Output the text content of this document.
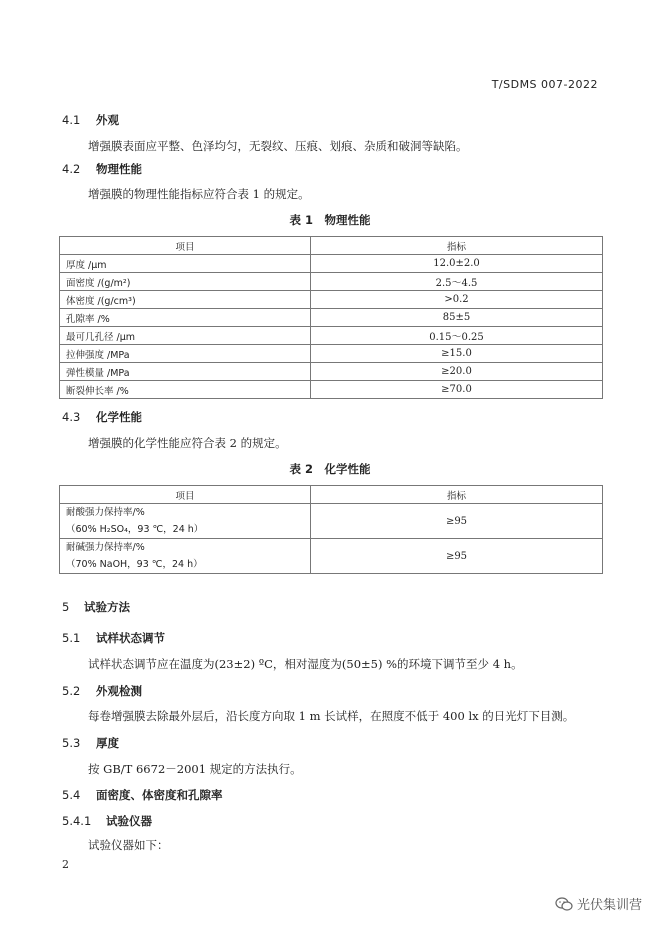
T/SDMS 007-2022
4.1 外观
增强膜表面应平整、色泽均匀，无裂纹、压痕、划痕、杂质和破洞等缺陷。
4.2 物理性能
增强膜的物理性能指标应符合表 1 的规定。
表 1　物理性能
项目	指标
厚度 /μm	12.0±2.0
面密度 /(g/m²)	2.5～4.5
体密度 /(g/cm³)	>0.2
孔隙率 /%	85±5
最可几孔径 /μm	0.15～0.25
拉伸强度 /MPa	≥15.0
弹性模量 /MPa	≥20.0
断裂伸长率 /%	≥70.0
4.3 化学性能
增强膜的化学性能应符合表 2 的规定。
表 2　化学性能
项目	指标

耐酸强力保持率/%
（60% H₂SO₄，93 ℃，24 h）	≥95

耐碱强力保持率/%
（70% NaOH，93 ℃，24 h）	≥95
5 试验方法
5.1 试样状态调节
试样状态调节应在温度为(23±2) ºC，相对湿度为(50±5) %的环境下调节至少 4 h。
5.2 外观检测
每卷增强膜去除最外层后，沿长度方向取 1 m 长试样，在照度不低于 400 lx 的日光灯下目测。
5.3 厚度
按 GB/T 6672－2001 规定的方法执行。
5.4 面密度、体密度和孔隙率
5.4.1 试验仪器
试验仪器如下：
2
光伏集训营
